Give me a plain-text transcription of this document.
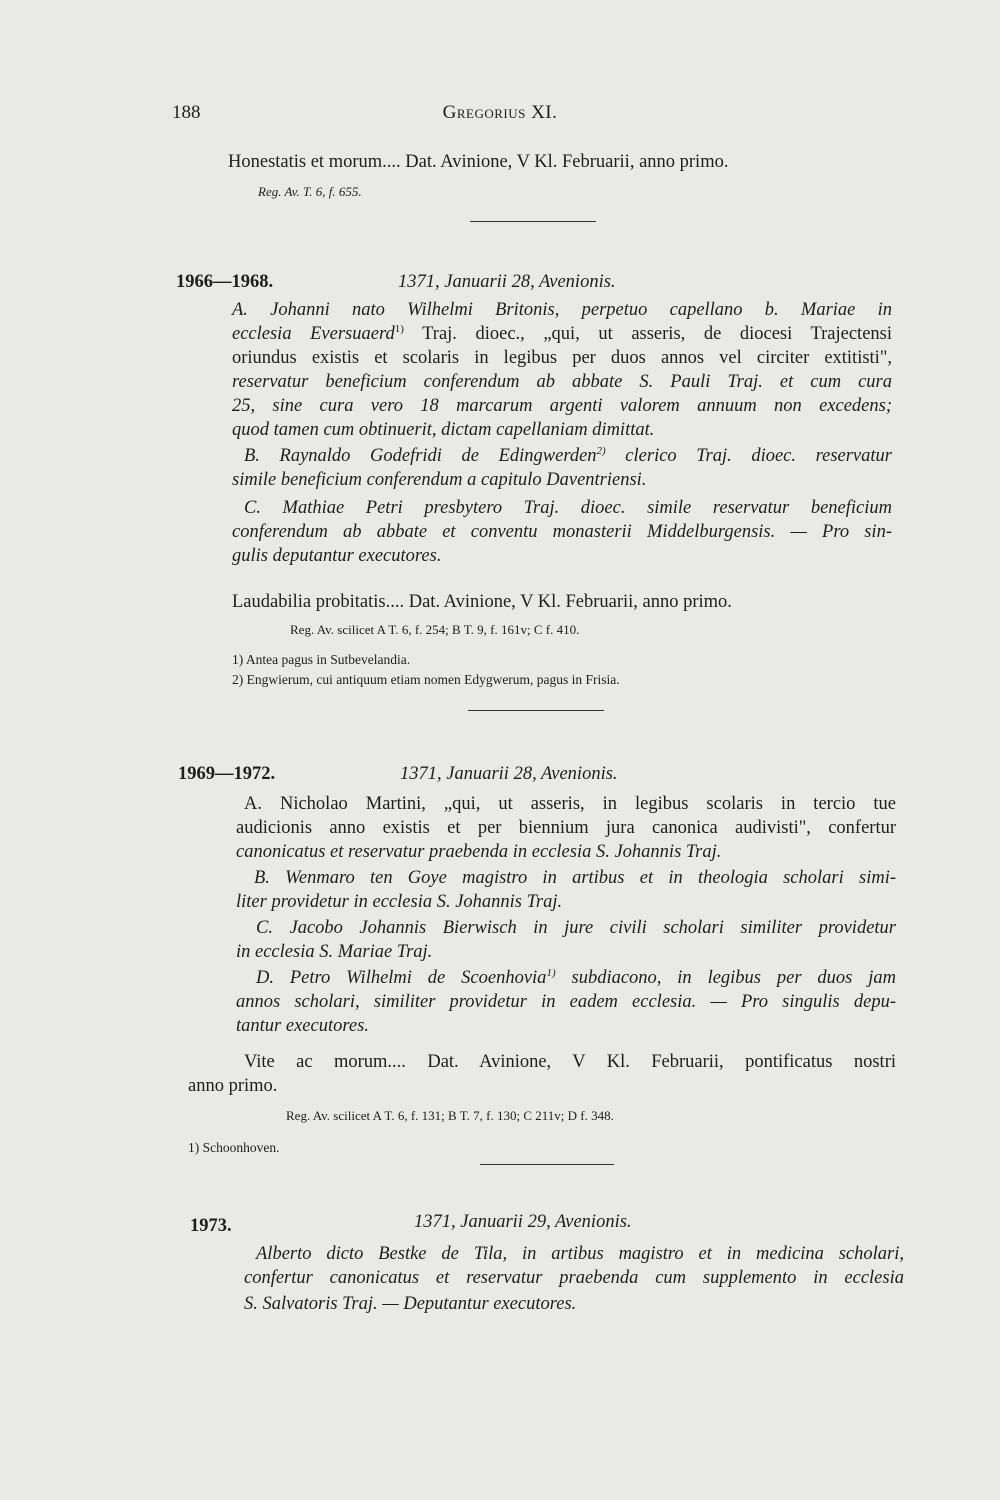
188	Gregorius XI.
Honestatis et morum.... Dat. Avinione, V Kl. Februarii, anno primo.
Reg. Av. T. 6, f. 655.
1966—1968.	1371, Januarii 28, Avenionis.
A. Johanni nato Wilhelmi Britonis, perpetuo capellano b. Mariae in
ecclesia Eversuaerd$^{1)}$ Traj. dioec., „qui, ut asseris, de diocesi Trajectensi
oriundus existis et scolaris in legibus per duos annos vel circiter extitisti",
reservatur beneficium conferendum ab abbate S. Pauli Traj. et cum cura
25, sine cura vero 18 marcarum argenti valorem annuum non excedens;
quod tamen cum obtinuerit, dictam capellaniam dimittat.
B. Raynaldo Godefridi de Edingwerden$^{2)}$ clerico Traj. dioec. reservatur
simile beneficium conferendum a capitulo Daventriensi.
C. Mathiae Petri presbytero Traj. dioec. simile reservatur beneficium
conferendum ab abbate et conventu monasterii Middelburgensis. — Pro sin-
gulis deputantur executores.
Laudabilia probitatis.... Dat. Avinione, V Kl. Februarii, anno primo.
Reg. Av. scilicet A T. 6, f. 254; B T. 9, f. 161v; C f. 410.
1) Antea pagus in Sutbevelandia.
2) Engwierum, cui antiquum etiam nomen Edygwerum, pagus in Frisia.
1969—1972.	1371, Januarii 28, Avenionis.
A. Nicholao Martini, „qui, ut asseris, in legibus scolaris in tercio tue
audicionis anno existis et per biennium jura canonica audivisti", confertur
canonicatus et reservatur praebenda in ecclesia S. Johannis Traj.
B. Wenmaro ten Goye magistro in artibus et in theologia scholari simi-
liter providetur in ecclesia S. Johannis Traj.
C. Jacobo Johannis Bierwisch in jure civili scholari similiter providetur
in ecclesia S. Mariae Traj.
D. Petro Wilhelmi de Scoenhovia$^{1)}$ subdiacono, in legibus per duos jam
annos scholari, similiter providetur in eadem ecclesia. — Pro singulis depu-
tantur executores.
Vite ac morum.... Dat. Avinione, V Kl. Februarii, pontificatus nostri
anno primo.
Reg. Av. scilicet A T. 6, f. 131; B T. 7, f. 130; C 211v; D f. 348.
1) Schoonhoven.
1973.	1371, Januarii 29, Avenionis.
Alberto dicto Bestke de Tila, in artibus magistro et in medicina scholari,
confertur canonicatus et reservatur praebenda cum supplemento in ecclesia
S. Salvatoris Traj. — Deputantur executores.
